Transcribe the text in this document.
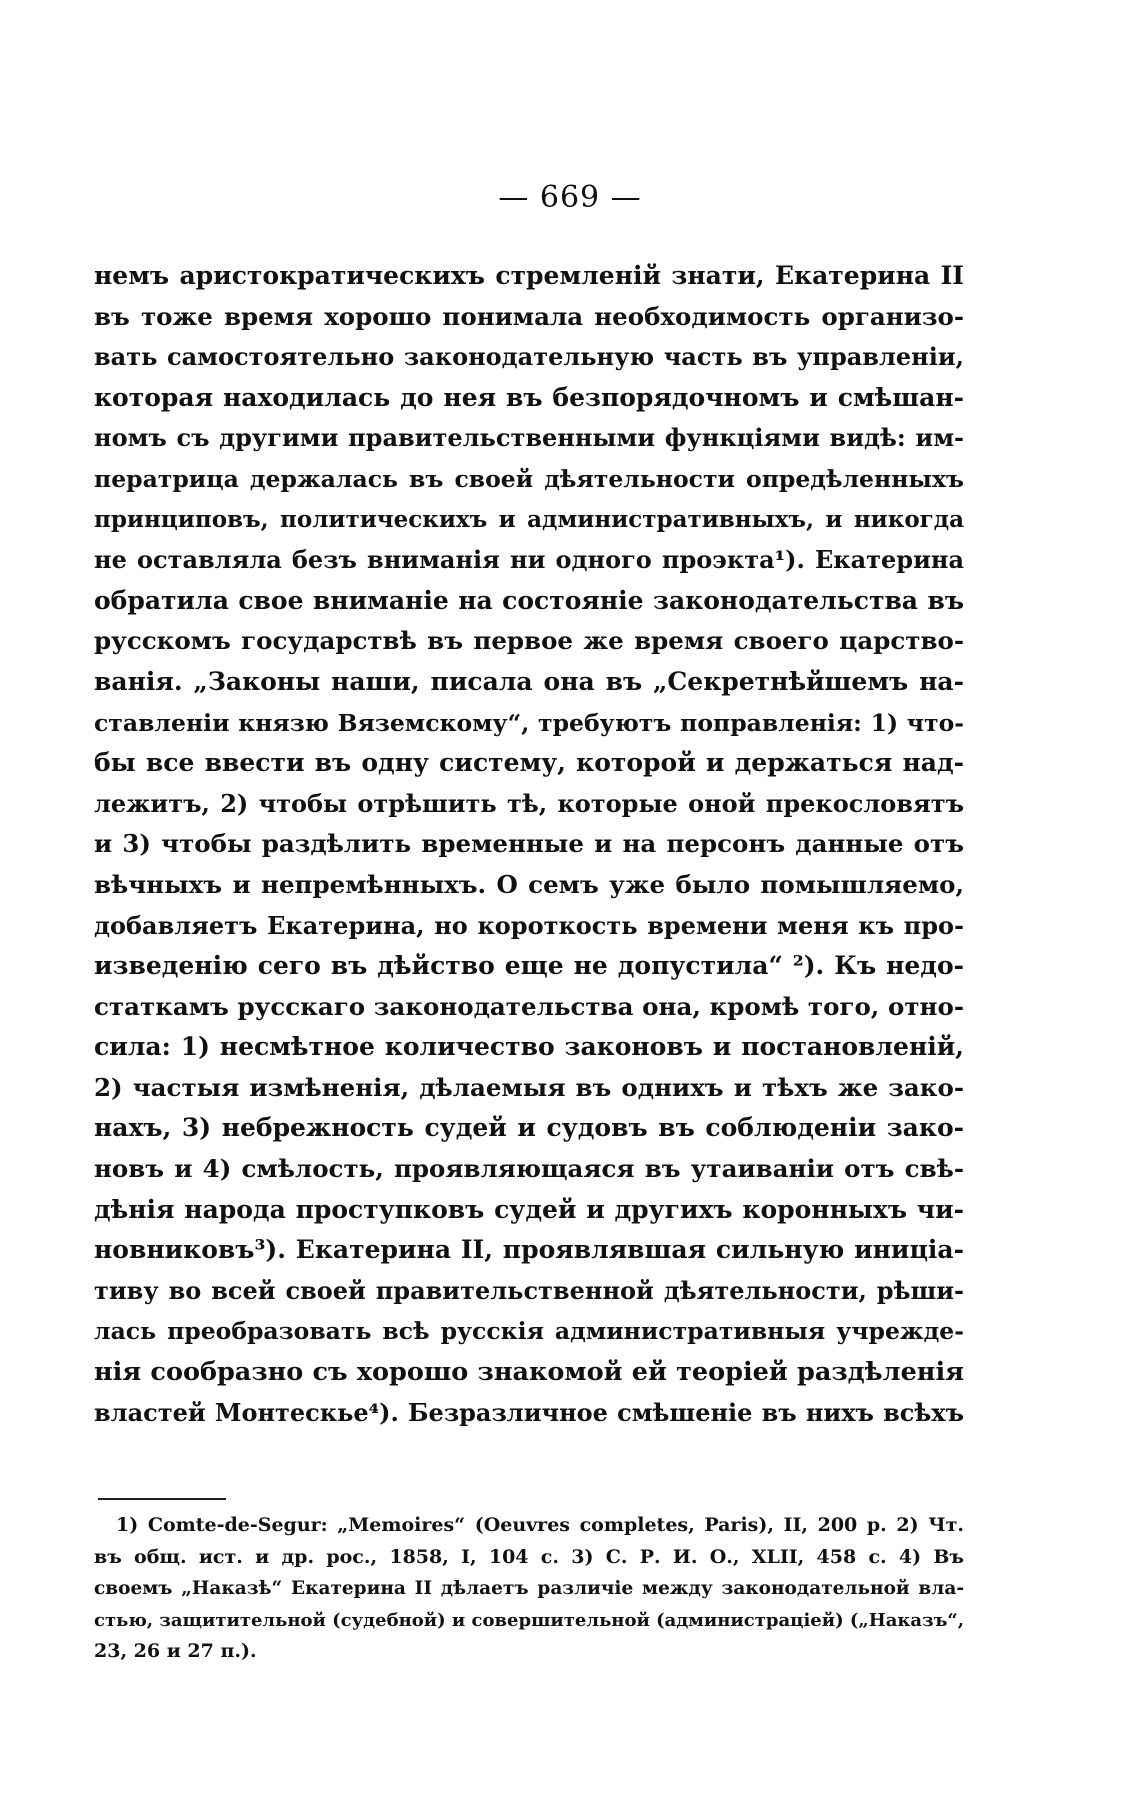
— 669 —
немъ аристократическихъ стремленій знати, Екатерина II
въ тоже время хорошо понимала необходимость организо-
вать самостоятельно законодательную часть въ управленіи,
которая находилась до нея въ безпорядочномъ и смѣшан-
номъ съ другими правительственными функціями видѣ: им-
ператрица держалась въ своей дѣятельности опредѣленныхъ
принциповъ, политическихъ и административныхъ, и никогда
не оставляла безъ вниманія ни одного проэкта¹). Екатерина
обратила свое вниманіе на состояніе законодательства въ
русскомъ государствѣ въ первое же время своего царство-
ванія. „Законы наши, писала она въ „Секретнѣйшемъ на-
ставленіи князю Вяземскому“, требуютъ поправленія: 1) что-
бы все ввести въ одну систему, которой и держаться над-
лежитъ, 2) чтобы отрѣшить тѣ, которые оной прекословятъ
и 3) чтобы раздѣлить временные и на персонъ данные отъ
вѣчныхъ и непремѣнныхъ. О семъ уже было помышляемо,
добавляетъ Екатерина, но короткость времени меня къ про-
изведенію сего въ дѣйство еще не допустила“ ²). Къ недо-
статкамъ русскаго законодательства она, кромѣ того, отно-
сила: 1) несмѣтное количество законовъ и постановленій,
2) частыя измѣненія, дѣлаемыя въ однихъ и тѣхъ же зако-
нахъ, 3) небрежность судей и судовъ въ соблюденіи зако-
новъ и 4) смѣлость, проявляющаяся въ утаиваніи отъ свѣ-
дѣнія народа проступковъ судей и другихъ коронныхъ чи-
новниковъ³). Екатерина II, проявлявшая сильную иниціа-
тиву во всей своей правительственной дѣятельности, рѣши-
лась преобразовать всѣ русскія административныя учрежде-
нія сообразно съ хорошо знакомой ей теоріей раздѣленія
властей Монтескье⁴). Безразличное смѣшеніе въ нихъ всѣхъ
1) Comte-de-Segur: „Memoires“ (Oeuvres completes, Paris), II, 200 р. 2) Чт.
въ общ. ист. и др. рос., 1858, I, 104 с. 3) С. Р. И. О., XLII, 458 с. 4) Въ
своемъ „Наказѣ“ Екатерина II дѣлаетъ различіе между законодательной вла-
стью, защитительной (судебной) и совершительной (администраціей) („Наказъ“,
23, 26 и 27 п.).
